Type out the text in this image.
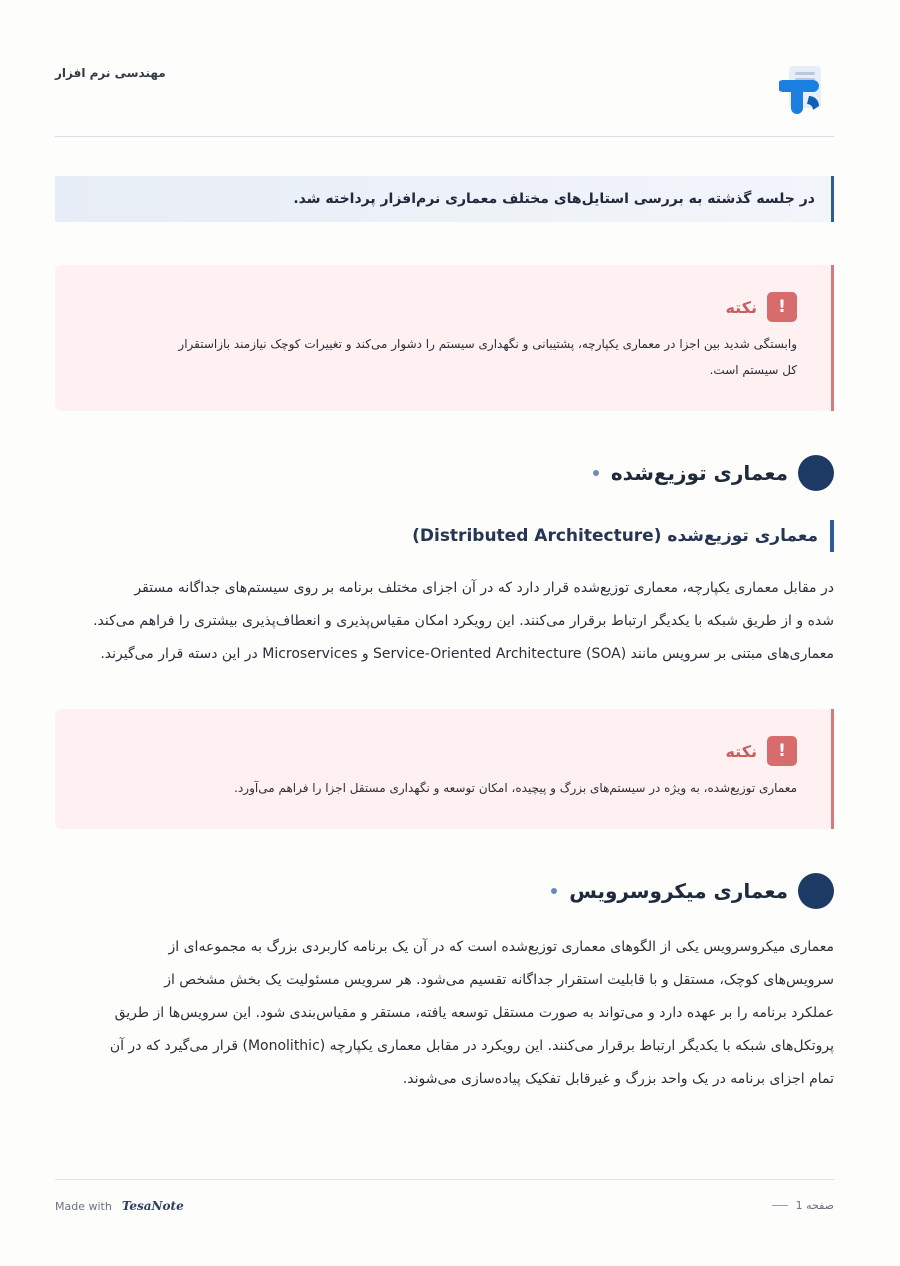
مهندسی نرم افزار
در جلسه گذشته به بررسی استایل‌های مختلف معماری نرم‌افزار پرداخته شد.
!
نکته
وابستگی شدید بین اجزا در معماری یکپارچه، پشتیبانی و نگهداری سیستم را دشوار می‌کند و تغییرات کوچک نیازمند بازاستقرار
کل سیستم است.
معماری توزیع‌شده
معماری توزیع‌شده (Distributed Architecture)
در مقابل معماری یکپارچه، معماری توزیع‌شده قرار دارد که در آن اجزای مختلف برنامه بر روی سیستم‌های جداگانه مستقر
شده و از طریق شبکه با یکدیگر ارتباط برقرار می‌کنند. این رویکرد امکان مقیاس‌پذیری و انعطاف‌پذیری بیشتری را فراهم می‌کند.
معماری‌های مبتنی بر سرویس مانند (Service-Oriented Architecture (SOA و Microservices در این دسته قرار می‌گیرند.
!
نکته
معماری توزیع‌شده، به ویژه در سیستم‌های بزرگ و پیچیده، امکان توسعه و نگهداری مستقل اجزا را فراهم می‌آورد.
معماری میکروسرویس
معماری میکروسرویس یکی از الگوهای معماری توزیع‌شده است که در آن یک برنامه کاربردی بزرگ به مجموعه‌ای از
سرویس‌های کوچک، مستقل و با قابلیت استقرار جداگانه تقسیم می‌شود. هر سرویس مسئولیت یک بخش مشخص از
عملکرد برنامه را بر عهده دارد و می‌تواند به صورت مستقل توسعه یافته، مستقر و مقیاس‌بندی شود. این سرویس‌ها از طریق
پروتکل‌های شبکه با یکدیگر ارتباط برقرار می‌کنند. این رویکرد در مقابل معماری یکپارچه (Monolithic) قرار می‌گیرد که در آن
تمام اجزای برنامه در یک واحد بزرگ و غیرقابل تفکیک پیاده‌سازی می‌شوند.
Made with TesaNote	صفحه 1
